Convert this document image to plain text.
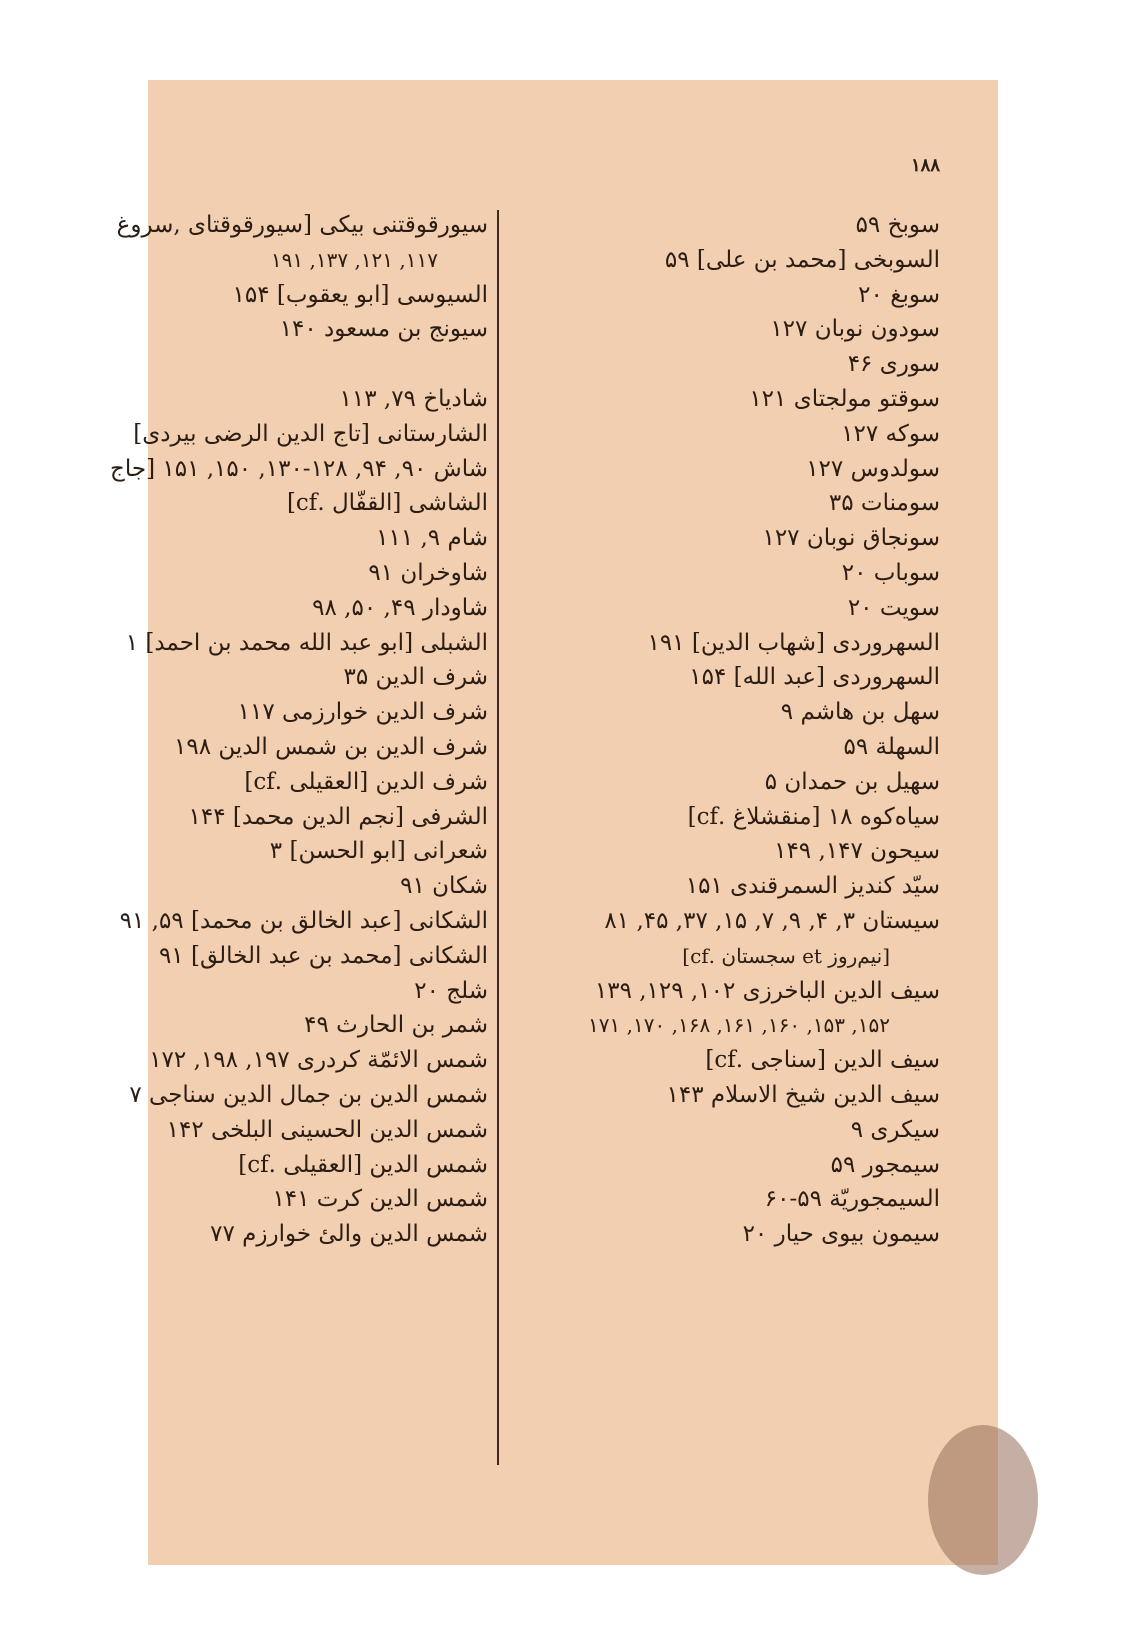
۱۸۸
سوبخ ۵۹
السوبخی [محمد بن علی] ۵۹
سوبغ ۲۰
سودون نوبان ۱۲۷
سوری ۴۶
سوقتو مولجتای ۱۲۱
سوکه ۱۲۷
سولدوس ۱۲۷
سومنات ۳۵
سونجاق نوبان ۱۲۷
سوباب ۲۰
سویت ۲۰
السهروردی [شهاب الدین] ۱۹۱
السهروردی [عبد الله] ۱۵۴
سهل بن هاشم ۹
السهلة ۵۹
سهیل بن حمدان ۵
سیاه‌کوه ۱۸ [منقشلاغ .cf]
سیحون ۱۴۷, ۱۴۹
سیّد کندیز السمرقندی ۱۵۱
سیستان ۳, ۴, ۹, ۷, ۱۵, ۳۷, ۴۵, ۸۱
[نیم‌روز et سجستان .cf]
سیف الدین الباخرزی ۱۰۲, ۱۲۹, ۱۳۹
۱۵۲, ۱۵۳, ۱۶۰, ۱۶۱, ۱۶۸, ۱۷۰, ۱۷۱
سیف الدین [سناجی .cf]
سیف الدین شیخ الاسلام ۱۴۳
سیکری ۹
سیمجور ۵۹
السیمجوریّة ۵۹-۶۰
سیمون بیوی حیار ۲۰
سیورقوقتنی بیکی [سیورقوقتای ,سروغ
۱۱۷, ۱۲۱, ۱۳۷, ۱۹۱
السیوسی [ابو یعقوب] ۱۵۴
سیونج بن مسعود ۱۴۰
شادیاخ ۷۹, ۱۱۳
الشارستانی [تاج الدین الرضی بیردی]
شاش ۹۰, ۹۴, ۱۲۸-۱۳۰, ۱۵۰, ۱۵۱ [جاج
الشاشی [القفّال .cf]
شام ۹, ۱۱۱
شاوخران ۹۱
شاودار ۴۹, ۵۰, ۹۸
الشبلی [ابو عبد الله محمد بن احمد] ۱
شرف الدین ۳۵
شرف الدین خوارزمی ۱۱۷
شرف الدین بن شمس الدین ۱۹۸
شرف الدین [العقیلی .cf]
الشرفی [نجم الدین محمد] ۱۴۴
شعرانی [ابو الحسن] ۳
شکان ۹۱
الشکانی [عبد الخالق بن محمد] ۵۹, ۹۱
الشکانی [محمد بن عبد الخالق] ۹۱
شلج ۲۰
شمر بن الحارث ۴۹
شمس الائمّة کردری ۱۹۷, ۱۹۸, ۱۷۲
شمس الدین بن جمال الدین سناجی ۷
شمس الدین الحسینی البلخی ۱۴۲
شمس الدین [العقیلی .cf]
شمس الدین کرت ۱۴۱
شمس الدین والیٔ خوارزم ۷۷
